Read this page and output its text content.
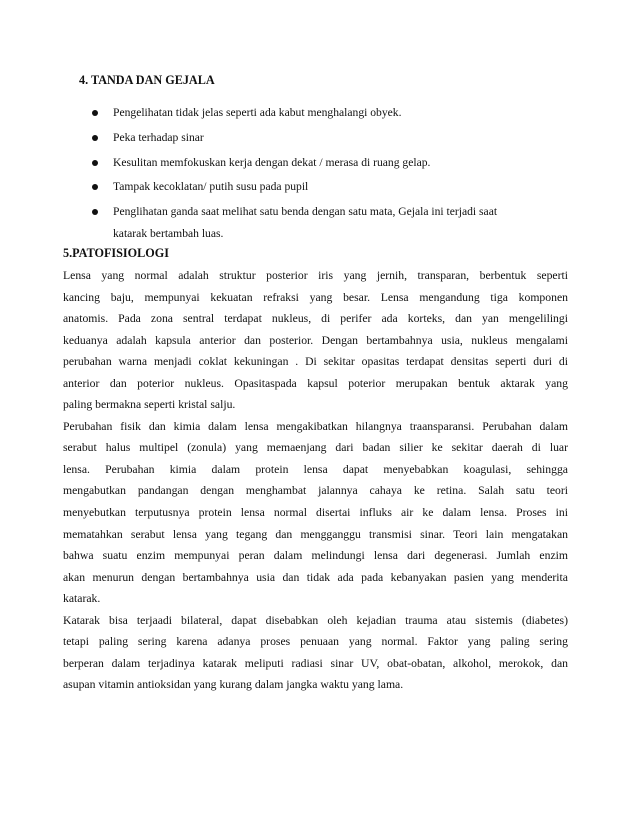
4. TANDA DAN GEJALA
Pengelihatan tidak jelas seperti ada kabut menghalangi obyek.
Peka terhadap sinar
Kesulitan memfokuskan kerja dengan dekat / merasa di ruang gelap.
Tampak kecoklatan/ putih susu pada pupil
Penglihatan ganda saat melihat satu benda dengan satu mata, Gejala ini terjadi saat katarak bertambah luas.
5.PATOFISIOLOGI
Lensa yang normal adalah struktur posterior iris yang jernih, transparan, berbentuk seperti
kancing baju, mempunyai kekuatan refraksi yang besar. Lensa mengandung tiga komponen
anatomis. Pada zona sentral terdapat nukleus, di perifer ada korteks, dan yan mengelilingi
keduanya adalah kapsula anterior dan posterior. Dengan bertambahnya usia, nukleus mengalami
perubahan warna menjadi coklat kekuningan . Di sekitar opasitas terdapat densitas seperti duri di
anterior dan poterior nukleus. Opasitaspada kapsul poterior merupakan bentuk aktarak yang
paling bermakna seperti kristal salju.
Perubahan fisik dan kimia dalam lensa mengakibatkan hilangnya traansparansi. Perubahan dalam
serabut halus multipel (zonula) yang memaenjang dari badan silier ke sekitar daerah di luar
lensa. Perubahan kimia dalam protein lensa dapat menyebabkan koagulasi, sehingga
mengabutkan pandangan dengan menghambat jalannya cahaya ke retina. Salah satu teori
menyebutkan terputusnya protein lensa normal disertai influks air ke dalam lensa. Proses ini
mematahkan serabut lensa yang tegang dan mengganggu transmisi sinar. Teori lain mengatakan
bahwa suatu enzim mempunyai peran dalam melindungi lensa dari degenerasi. Jumlah enzim
akan menurun dengan bertambahnya usia dan tidak ada pada kebanyakan pasien yang menderita
katarak.
Katarak bisa terjaadi bilateral, dapat disebabkan oleh kejadian trauma atau sistemis (diabetes)
tetapi paling sering karena adanya proses penuaan yang normal. Faktor yang paling sering
berperan dalam terjadinya katarak meliputi radiasi sinar UV, obat-obatan, alkohol, merokok, dan
asupan vitamin antioksidan yang kurang dalam jangka waktu yang lama.
